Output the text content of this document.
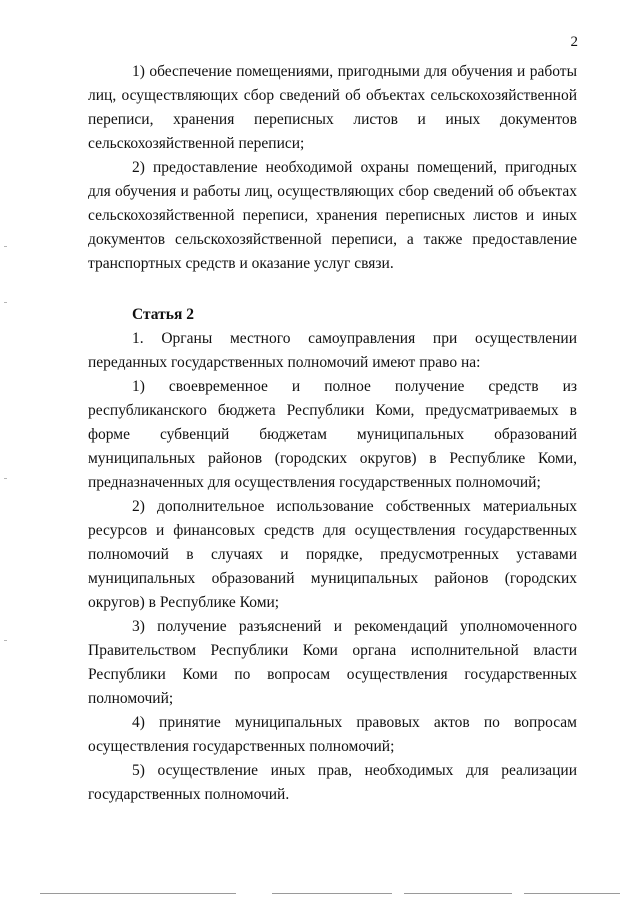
2

1) обеспечение помещениями, пригодными для обучения и работы лиц, осуществляющих сбор сведений об объектах сельскохозяйственной переписи, хранения переписных листов и иных документов сельскохозяйственной переписи;

2) предоставление необходимой охраны помещений, пригодных для обучения и работы лиц, осуществляющих сбор сведений об объектах сельскохозяйственной переписи, хранения переписных листов и иных документов сельскохозяйственной переписи, а также предоставление транспортных средств и оказание услуг связи.

Статья 2

1. Органы местного самоуправления при осуществлении переданных государственных полномочий имеют право на:

1) своевременное и полное получение средств из республиканского бюджета Республики Коми, предусматриваемых в форме субвенций бюджетам муниципальных образований муниципальных районов (городских округов) в Республике Коми, предназначенных для осуществления государственных полномочий;

2) дополнительное использование собственных материальных ресурсов и финансовых средств для осуществления государственных полномочий в случаях и порядке, предусмотренных уставами муниципальных образований муниципальных районов (городских округов) в Республике Коми;

3) получение разъяснений и рекомендаций уполномоченного Правительством Республики Коми органа исполнительной власти Республики Коми по вопросам осуществления государственных полномочий;

4) принятие муниципальных правовых актов по вопросам осуществления государственных полномочий;

5) осуществление иных прав, необходимых для реализации государственных полномочий.
